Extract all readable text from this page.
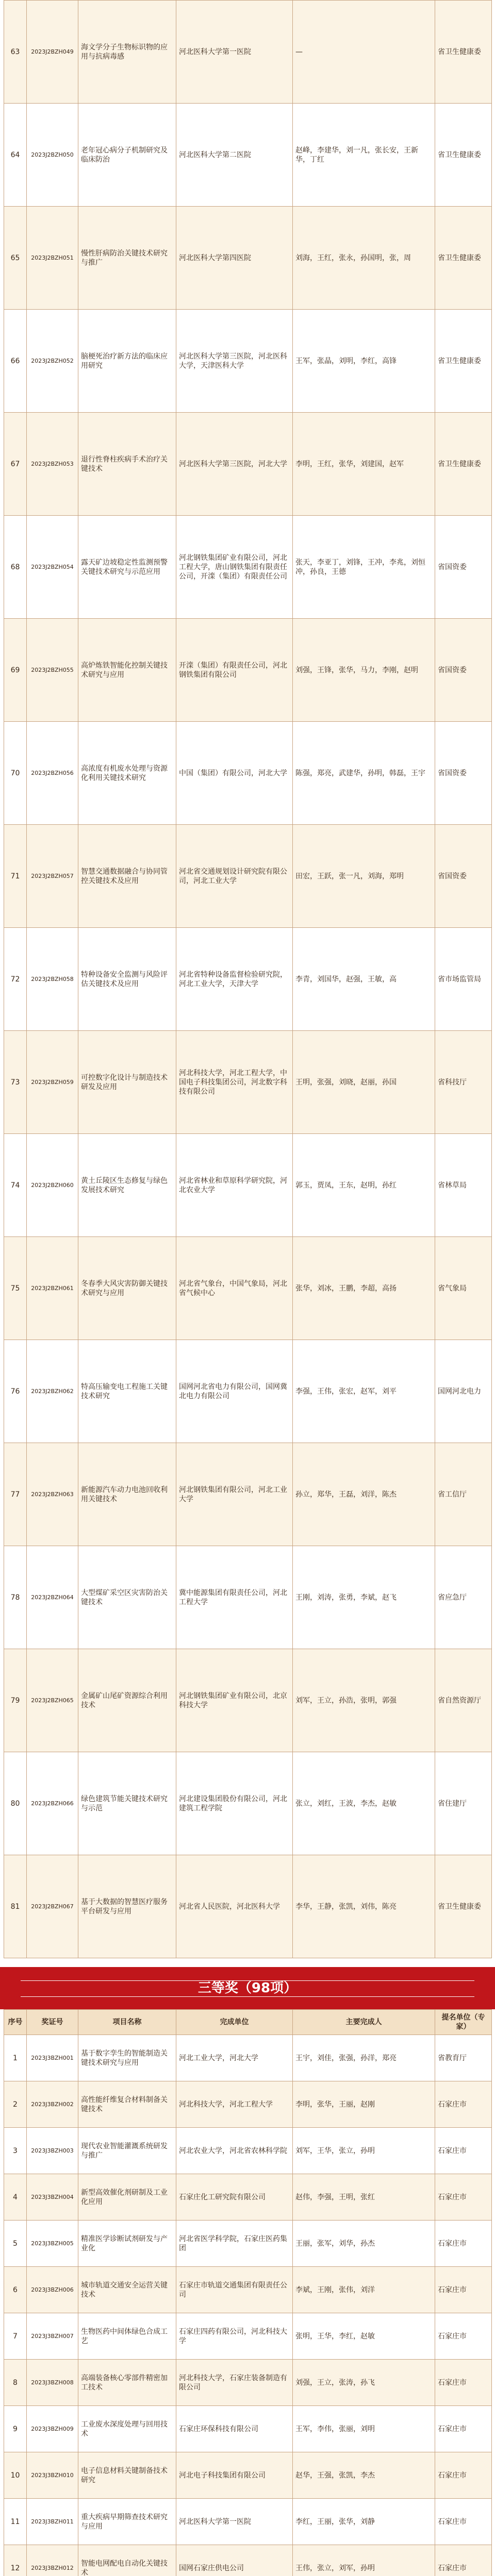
63	2023J2BZH049	海文学分子生物标识物的应用与抗病毒感	河北医科大学第一医院	—	省卫生健康委
64	2023J2BZH050	老年冠心病分子机制研究及临床防治	河北医科大学第二医院	赵峰，李建华，刘一凡，张长安，王新华，丁红	省卫生健康委
65	2023J2BZH051	慢性肝病防治关键技术研究与推广	河北医科大学第四医院	刘海，王红，张永，孙国明，张，周	省卫生健康委
66	2023J2BZH052	脑梗死治疗新方法的临床应用研究	河北医科大学第三医院，河北医科大学，天津医科大学	王军，张晶，刘明，李红，高锋	省卫生健康委
67	2023J2BZH053	退行性脊柱疾病手术治疗关键技术	河北医科大学第三医院，河北大学	李明，王红，张华，刘建国，赵军	省卫生健康委
68	2023J2BZH054	露天矿边坡稳定性监测预警关键技术研究与示范应用	河北钢铁集团矿业有限公司，河北工程大学，唐山钢铁集团有限责任公司，开滦（集团）有限责任公司	张天，李亚丁，刘锋，王冲，李兆，刘恒冲，孙良，王德	省国资委
69	2023J2BZH055	高炉炼铁智能化控制关键技术研究与应用	开滦（集团）有限责任公司，河北钢铁集团有限公司	刘强，王锋，张华，马力，李刚，赵明	省国资委
70	2023J2BZH056	高浓度有机废水处理与资源化利用关键技术研究	中国（集团）有限公司，河北大学	陈强，郑亮，武建华，孙明，韩磊，王宇	省国资委
71	2023J2BZH057	智慧交通数据融合与协同管控关键技术及应用	河北省交通规划设计研究院有限公司，河北工业大学	田宏，王跃，张一凡，刘海，郑明	省国资委
72	2023J2BZH058	特种设备安全监测与风险评估关键技术及应用	河北省特种设备监督检验研究院，河北工业大学，天津大学	李青，刘国华，赵强，王敏，高	省市场监管局
73	2023J2BZH059	可控数字化设计与制造技术研发及应用	河北科技大学，河北工程大学，中国电子科技集团公司，河北数字科技有限公司	王明，张强，刘晓，赵丽，孙国	省科技厅
74	2023J2BZH060	黄土丘陵区生态修复与绿色发展技术研究	河北省林业和草原科学研究院，河北农业大学	郭玉，贾凤，王东，赵明，孙红	省林草局
75	2023J2BZH061	冬春季大风灾害防御关键技术研究与应用	河北省气象台，中国气象局，河北省气候中心	张华，刘冰，王鹏，李超，高扬	省气象局
76	2023J2BZH062	特高压输变电工程施工关键技术研究	国网河北省电力有限公司，国网冀北电力有限公司	李强，王伟，张宏，赵军，刘平	国网河北电力
77	2023J2BZH063	新能源汽车动力电池回收利用关键技术	河北钢铁集团有限公司，河北工业大学	孙立，郑华，王磊，刘洋，陈杰	省工信厅
78	2023J2BZH064	大型煤矿采空区灾害防治关键技术	冀中能源集团有限责任公司，河北工程大学	王刚，刘涛，张勇，李斌，赵飞	省应急厅
79	2023J2BZH065	金属矿山尾矿资源综合利用技术	河北钢铁集团矿业有限公司，北京科技大学	刘军，王立，孙浩，张明，郭强	省自然资源厅
80	2023J2BZH066	绿色建筑节能关键技术研究与示范	河北建设集团股份有限公司，河北建筑工程学院	张立，刘红，王波，李杰，赵敏	省住建厅
81	2023J2BZH067	基于大数据的智慧医疗服务平台研发与应用	河北省人民医院，河北医科大学	李华，王静，张凯，刘伟，陈亮	省卫生健康委
三等奖（98项）
序号	奖证号	项目名称	完成单位	主要完成人	提名单位（专家）
1	2023J3BZH001	基于数字孪生的智能制造关键技术研究与应用	河北工业大学，河北大学	王宇，刘佳，张强，孙洋，郑亮	省教育厅
2	2023J3BZH002	高性能纤维复合材料制备关键技术	河北科技大学，河北工程大学	李明，张华，王丽，赵刚	石家庄市
3	2023J3BZH003	现代农业智能灌溉系统研发与推广	河北农业大学，河北省农林科学院	刘军，王华，张立，孙明	石家庄市
4	2023J3BZH004	新型高效催化剂研制及工业化应用	石家庄化工研究院有限公司	赵伟，李强，王明，张红	石家庄市
5	2023J3BZH005	精准医学诊断试剂研发与产业化	河北省医学科学院，石家庄医药集团	王丽，张军，刘华，孙杰	石家庄市
6	2023J3BZH006	城市轨道交通安全运营关键技术	石家庄市轨道交通集团有限责任公司	李斌，王刚，张伟，刘洋	石家庄市
7	2023J3BZH007	生物医药中间体绿色合成工艺	石家庄四药有限公司，河北科技大学	张明，王华，李红，赵敏	石家庄市
8	2023J3BZH008	高端装备核心零部件精密加工技术	河北科技大学，石家庄装备制造有限公司	刘强，王立，张涛，孙飞	石家庄市
9	2023J3BZH009	工业废水深度处理与回用技术	石家庄环保科技有限公司	王军，李伟，张丽，刘明	石家庄市
10	2023J3BZH010	电子信息材料关键制备技术研究	河北电子科技集团有限公司	赵华，王强，张凯，李杰	石家庄市
11	2023J3BZH011	重大疾病早期筛查技术研究与应用	河北医科大学第一医院	李红，王丽，张华，刘静	石家庄市
12	2023J3BZH012	智能电网配电自动化关键技术	国网石家庄供电公司	王伟，张立，刘军，孙明	石家庄市
